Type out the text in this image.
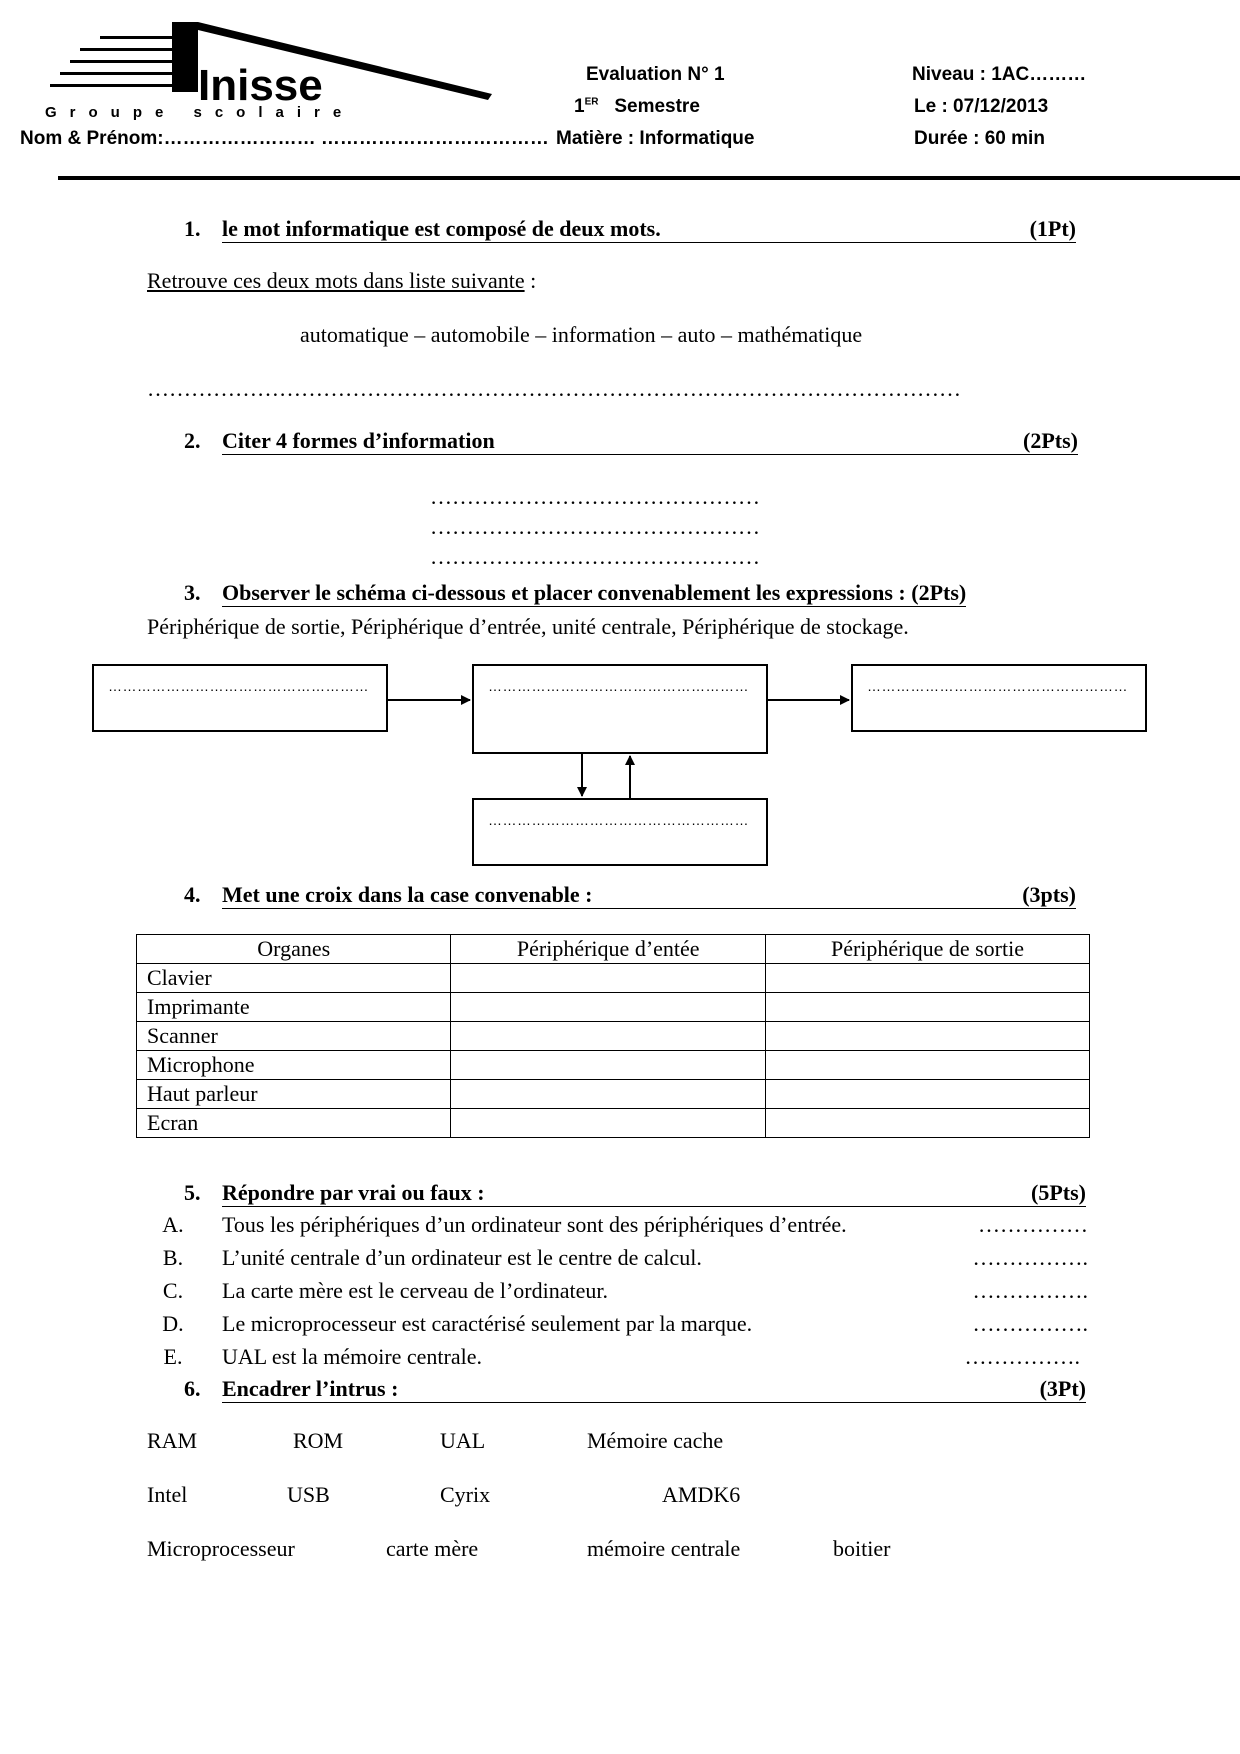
Inisse
Groupe scolaire
Evaluation N° 1
1ER Semestre
Matière : Informatique
Niveau : 1AC………
Le : 07/12/2013
Durée : 60 min
Nom & Prénom:…………………… ………………………………
1. le mot informatique est composé de deux mots.	(1Pt)
Retrouve ces deux mots dans liste suivante :
automatique – automobile – information – auto – mathématique
…………………………………………………………………………………………………
2. Citer 4 formes d’information	(2Pts)
………………………………………
………………………………………
………………………………………
3. Observer le schéma ci-dessous et placer convenablement les expressions : (2Pts)
Périphérique de sortie, Périphérique d’entrée, unité centrale, Périphérique de stockage.
………………………………………………	………………………………………………	………………………………………………
………………………………………………
4. Met une croix dans la case convenable :	(3pts)
Organes	Périphérique d’entée	Périphérique de sortie
Clavier		
Imprimante		
Scanner		
Microphone		
Haut parleur		
Ecran		
5. Répondre par vrai ou faux :	(5Pts)
A. Tous les périphériques d’un ordinateur sont des périphériques d’entrée.	……………
B. L’unité centrale d’un ordinateur est le centre de calcul.	…………….
C. La carte mère est le cerveau de l’ordinateur.	…………….
D. Le microprocesseur est caractérisé seulement par la marque.	…………….
E. UAL est la mémoire centrale.	…………….
6. Encadrer l’intrus :	(3Pt)
RAM	ROM	UAL	Mémoire cache
Intel	USB	Cyrix	AMDK6
Microprocesseur	carte mère	mémoire centrale	boitier
